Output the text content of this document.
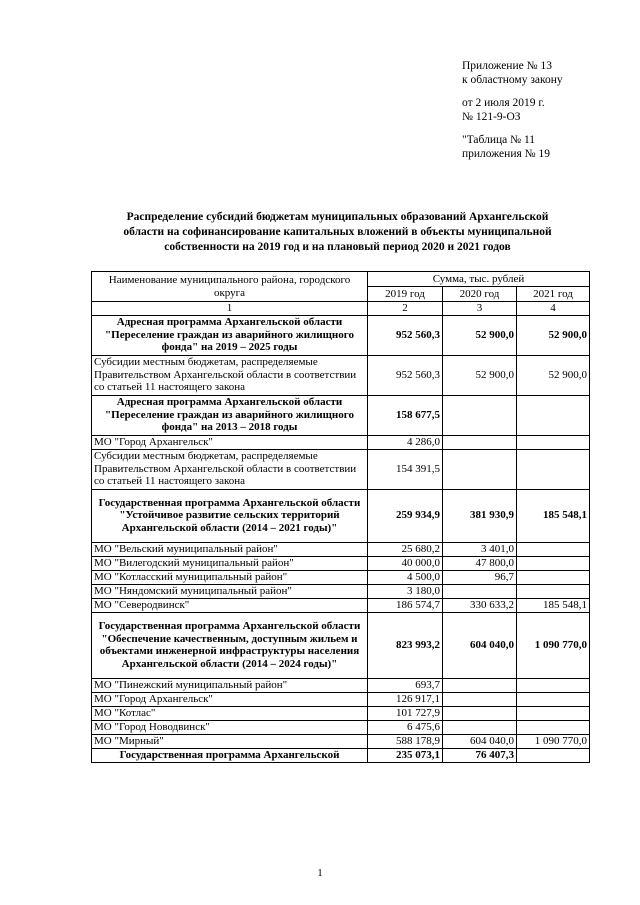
Приложение № 13
к областному закону
от 2 июля 2019 г.
№ 121-9-ОЗ
"Таблица № 11
приложения № 19
Распределение субсидий бюджетам муниципальных образований Архангельской
области на софинансирование капитальных вложений в объекты муниципальной
собственности на 2019 год и на плановый период 2020 и 2021 годов
Наименование муниципального района, городского округа	Сумма, тыс. рублей		
	2019 год	2020 год	2021 год
1	2	3	4
Адресная программа Архангельской области "Переселение граждан из аварийного жилищного фонда" на 2019 – 2025 годы	952 560,3	52 900,0	52 900,0
Субсидии местным бюджетам, распределяемые Правительством Архангельской области в соответствии со статьей 11 настоящего закона	952 560,3	52 900,0	52 900,0
Адресная программа Архангельской области "Переселение граждан из аварийного жилищного фонда" на 2013 – 2018 годы	158 677,5		
МО "Город Архангельск"	4 286,0		
Субсидии местным бюджетам, распределяемые Правительством Архангельской области в соответствии со статьей 11 настоящего закона	154 391,5		
Государственная программа Архангельской области "Устойчивое развитие сельских территорий Архангельской области (2014 – 2021 годы)"	259 934,9	381 930,9	185 548,1
МО "Вельский муниципальный район"	25 680,2	3 401,0	
МО "Вилегодский муниципальный район"	40 000,0	47 800,0	
МО "Котласский муниципальный район"	4 500,0	96,7	
МО "Няндомский муниципальный район"	3 180,0		
МО "Северодвинск"	186 574,7	330 633,2	185 548,1
Государственная программа Архангельской области "Обеспечение качественным, доступным жильем и объектами инженерной инфраструктуры населения Архангельской области (2014 – 2024 годы)"	823 993,2	604 040,0	1 090 770,0
МО "Пинежский муниципальный район"	693,7		
МО "Город Архангельск"	126 917,1		
МО "Котлас"	101 727,9		
МО "Город Новодвинск"	6 475,6		
МО "Мирный"	588 178,9	604 040,0	1 090 770,0
Государственная программа Архангельской	235 073,1	76 407,3	
1
